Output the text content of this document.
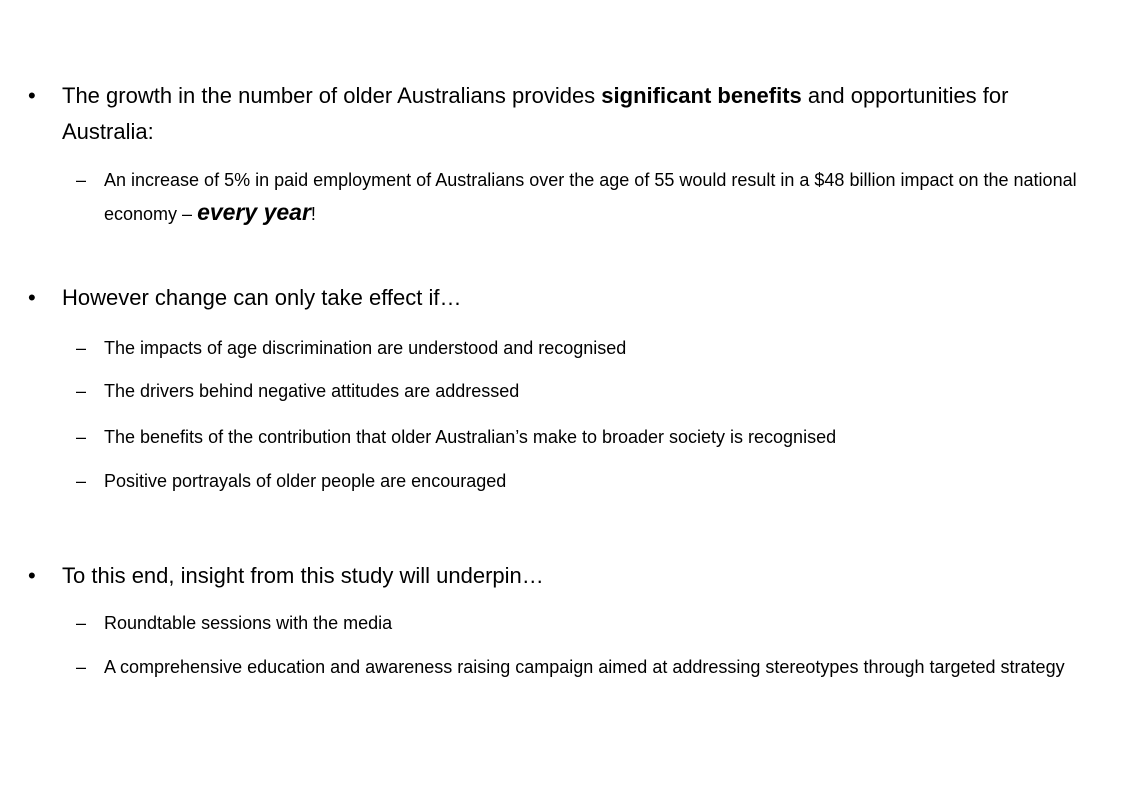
•	The growth in the number of older Australians provides significant benefits and opportunities for Australia:
– An increase of 5% in paid employment of Australians over the age of 55 would result in a $48 billion impact on the national economy – every year!
•	However change can only take effect if…
– The impacts of age discrimination are understood and recognised
– The drivers behind negative attitudes are addressed
– The benefits of the contribution that older Australian’s make to broader society is recognised
– Positive portrayals of older people are encouraged
•	To this end, insight from this study will underpin…
– Roundtable sessions with the media
– A comprehensive education and awareness raising campaign aimed at addressing stereotypes through targeted strategy
